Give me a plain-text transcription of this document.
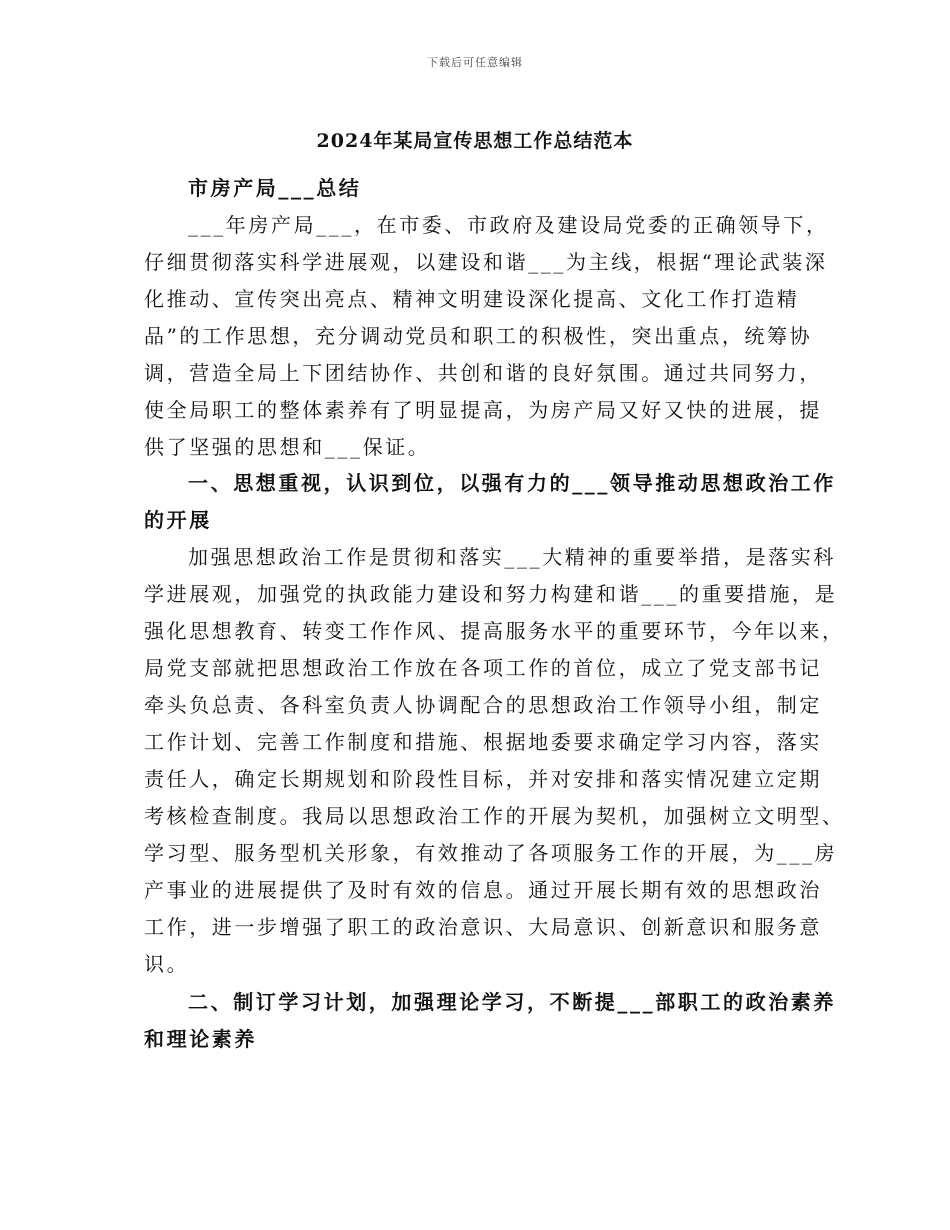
下载后可任意编辑
2024年某局宣传思想工作总结范本

市房产局___总结

___年房产局___，在市委、市政府及建设局党委的正确领导下，
仔细贯彻落实科学进展观，以建设和谐___为主线，根据“理论武装深
化推动、宣传突出亮点、精神文明建设深化提高、文化工作打造精
品”的工作思想，充分调动党员和职工的积极性，突出重点，统筹协
调，营造全局上下团结协作、共创和谐的良好氛围。通过共同努力，
使全局职工的整体素养有了明显提高，为房产局又好又快的进展，提
供了坚强的思想和___保证。
一、思想重视，认识到位，以强有力的___领导推动思想政治工作
的开展
加强思想政治工作是贯彻和落实___大精神的重要举措，是落实科
学进展观，加强党的执政能力建设和努力构建和谐___的重要措施，是
强化思想教育、转变工作作风、提高服务水平的重要环节，今年以来，
局党支部就把思想政治工作放在各项工作的首位，成立了党支部书记
牵头负总责、各科室负责人协调配合的思想政治工作领导小组，制定
工作计划、完善工作制度和措施、根据地委要求确定学习内容，落实
责任人，确定长期规划和阶段性目标，并对安排和落实情况建立定期
考核检查制度。我局以思想政治工作的开展为契机，加强树立文明型、
学习型、服务型机关形象，有效推动了各项服务工作的开展，为___房
产事业的进展提供了及时有效的信息。通过开展长期有效的思想政治
工作，进一步增强了职工的政治意识、大局意识、创新意识和服务意
识。
二、制订学习计划，加强理论学习，不断提___部职工的政治素养
和理论素养
